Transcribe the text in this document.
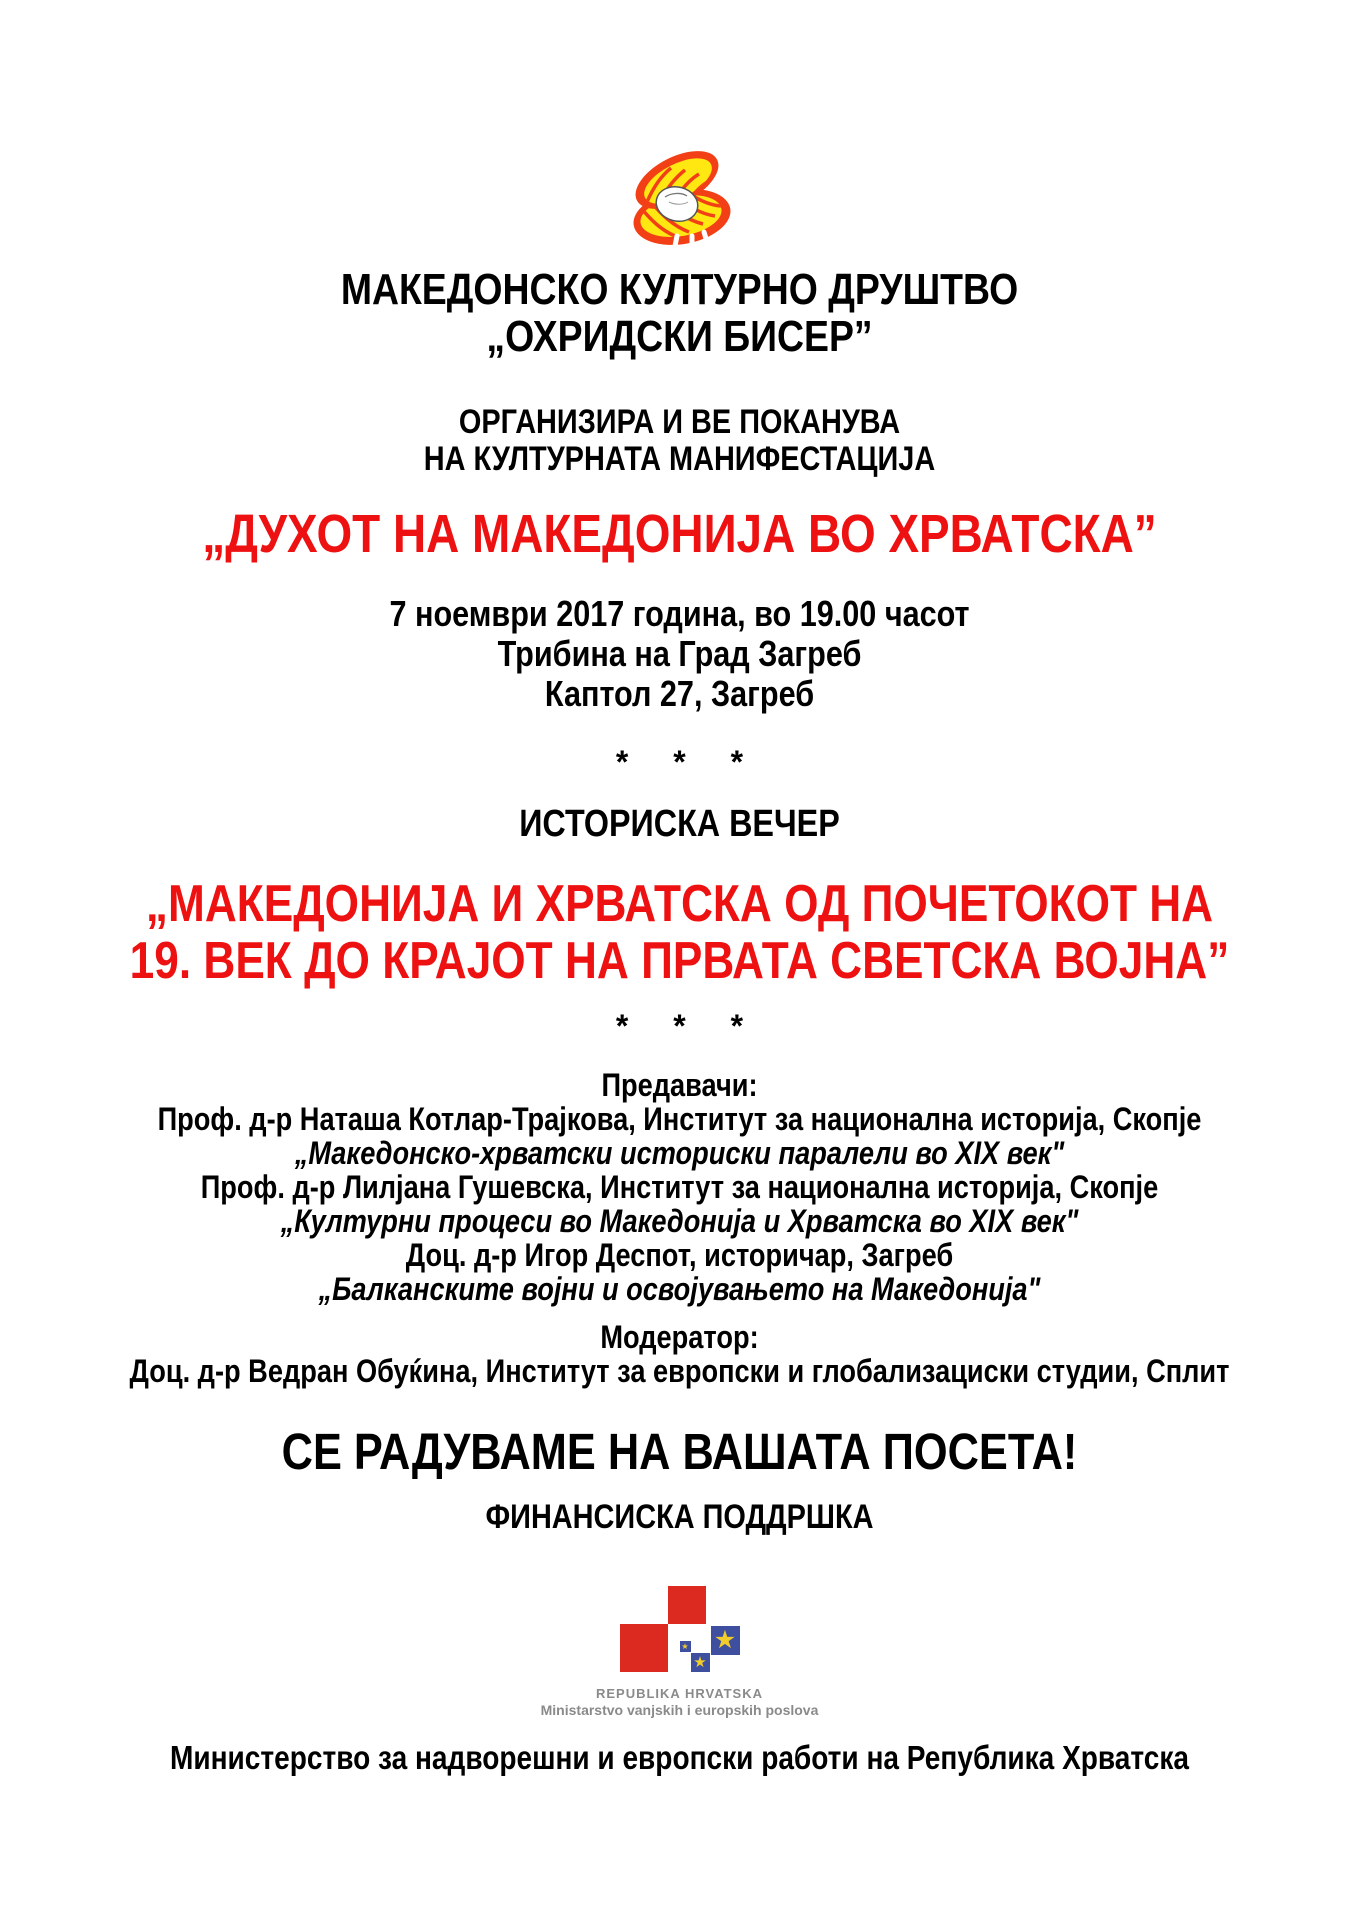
МАКЕДОНСКО КУЛТУРНО ДРУШТВО
„ОХРИДСКИ БИСЕР”
ОРГАНИЗИРА И ВЕ ПОКАНУВА
НА КУЛТУРНАТА МАНИФЕСТАЦИЈА
„ДУХОТ НА МАКЕДОНИЈА ВО ХРВАТСКА”
7 ноември 2017 година, во 19.00 часот
Трибина на Град Загреб
Каптол 27, Загреб
* * *
ИСТОРИСКА ВЕЧЕР
„МАКЕДОНИЈА И ХРВАТСКА ОД ПОЧЕТОКОТ НА
19. ВЕК ДО КРАЈОТ НА ПРВАТА СВЕТСКА ВОЈНА”
* * *
Предавачи:
Проф. д-р Наташа Котлар-Трајкова, Институт за национална историја, Скопје
„Македонско-хрватски историски паралели во XIX век"
Проф. д-р Лилјана Гушевска, Институт за национална историја, Скопје
„Културни процеси во Македонија и Хрватска во XIX век"
Доц. д-р Игор Деспот, историчар, Загреб
„Балканските војни и освојувањето на Македонија"
Модератор:
Доц. д-р Ведран Обуќина, Институт за европски и глобализациски студии, Сплит
СЕ РАДУВАМЕ НА ВАШАТА ПОСЕТА!
ФИНАНСИСКА ПОДДРШКА
★
★
★
REPUBLIKA HRVATSKA
Ministarstvo vanjskih i europskih poslova
Министерство за надворешни и европски работи на Република Хрватска
